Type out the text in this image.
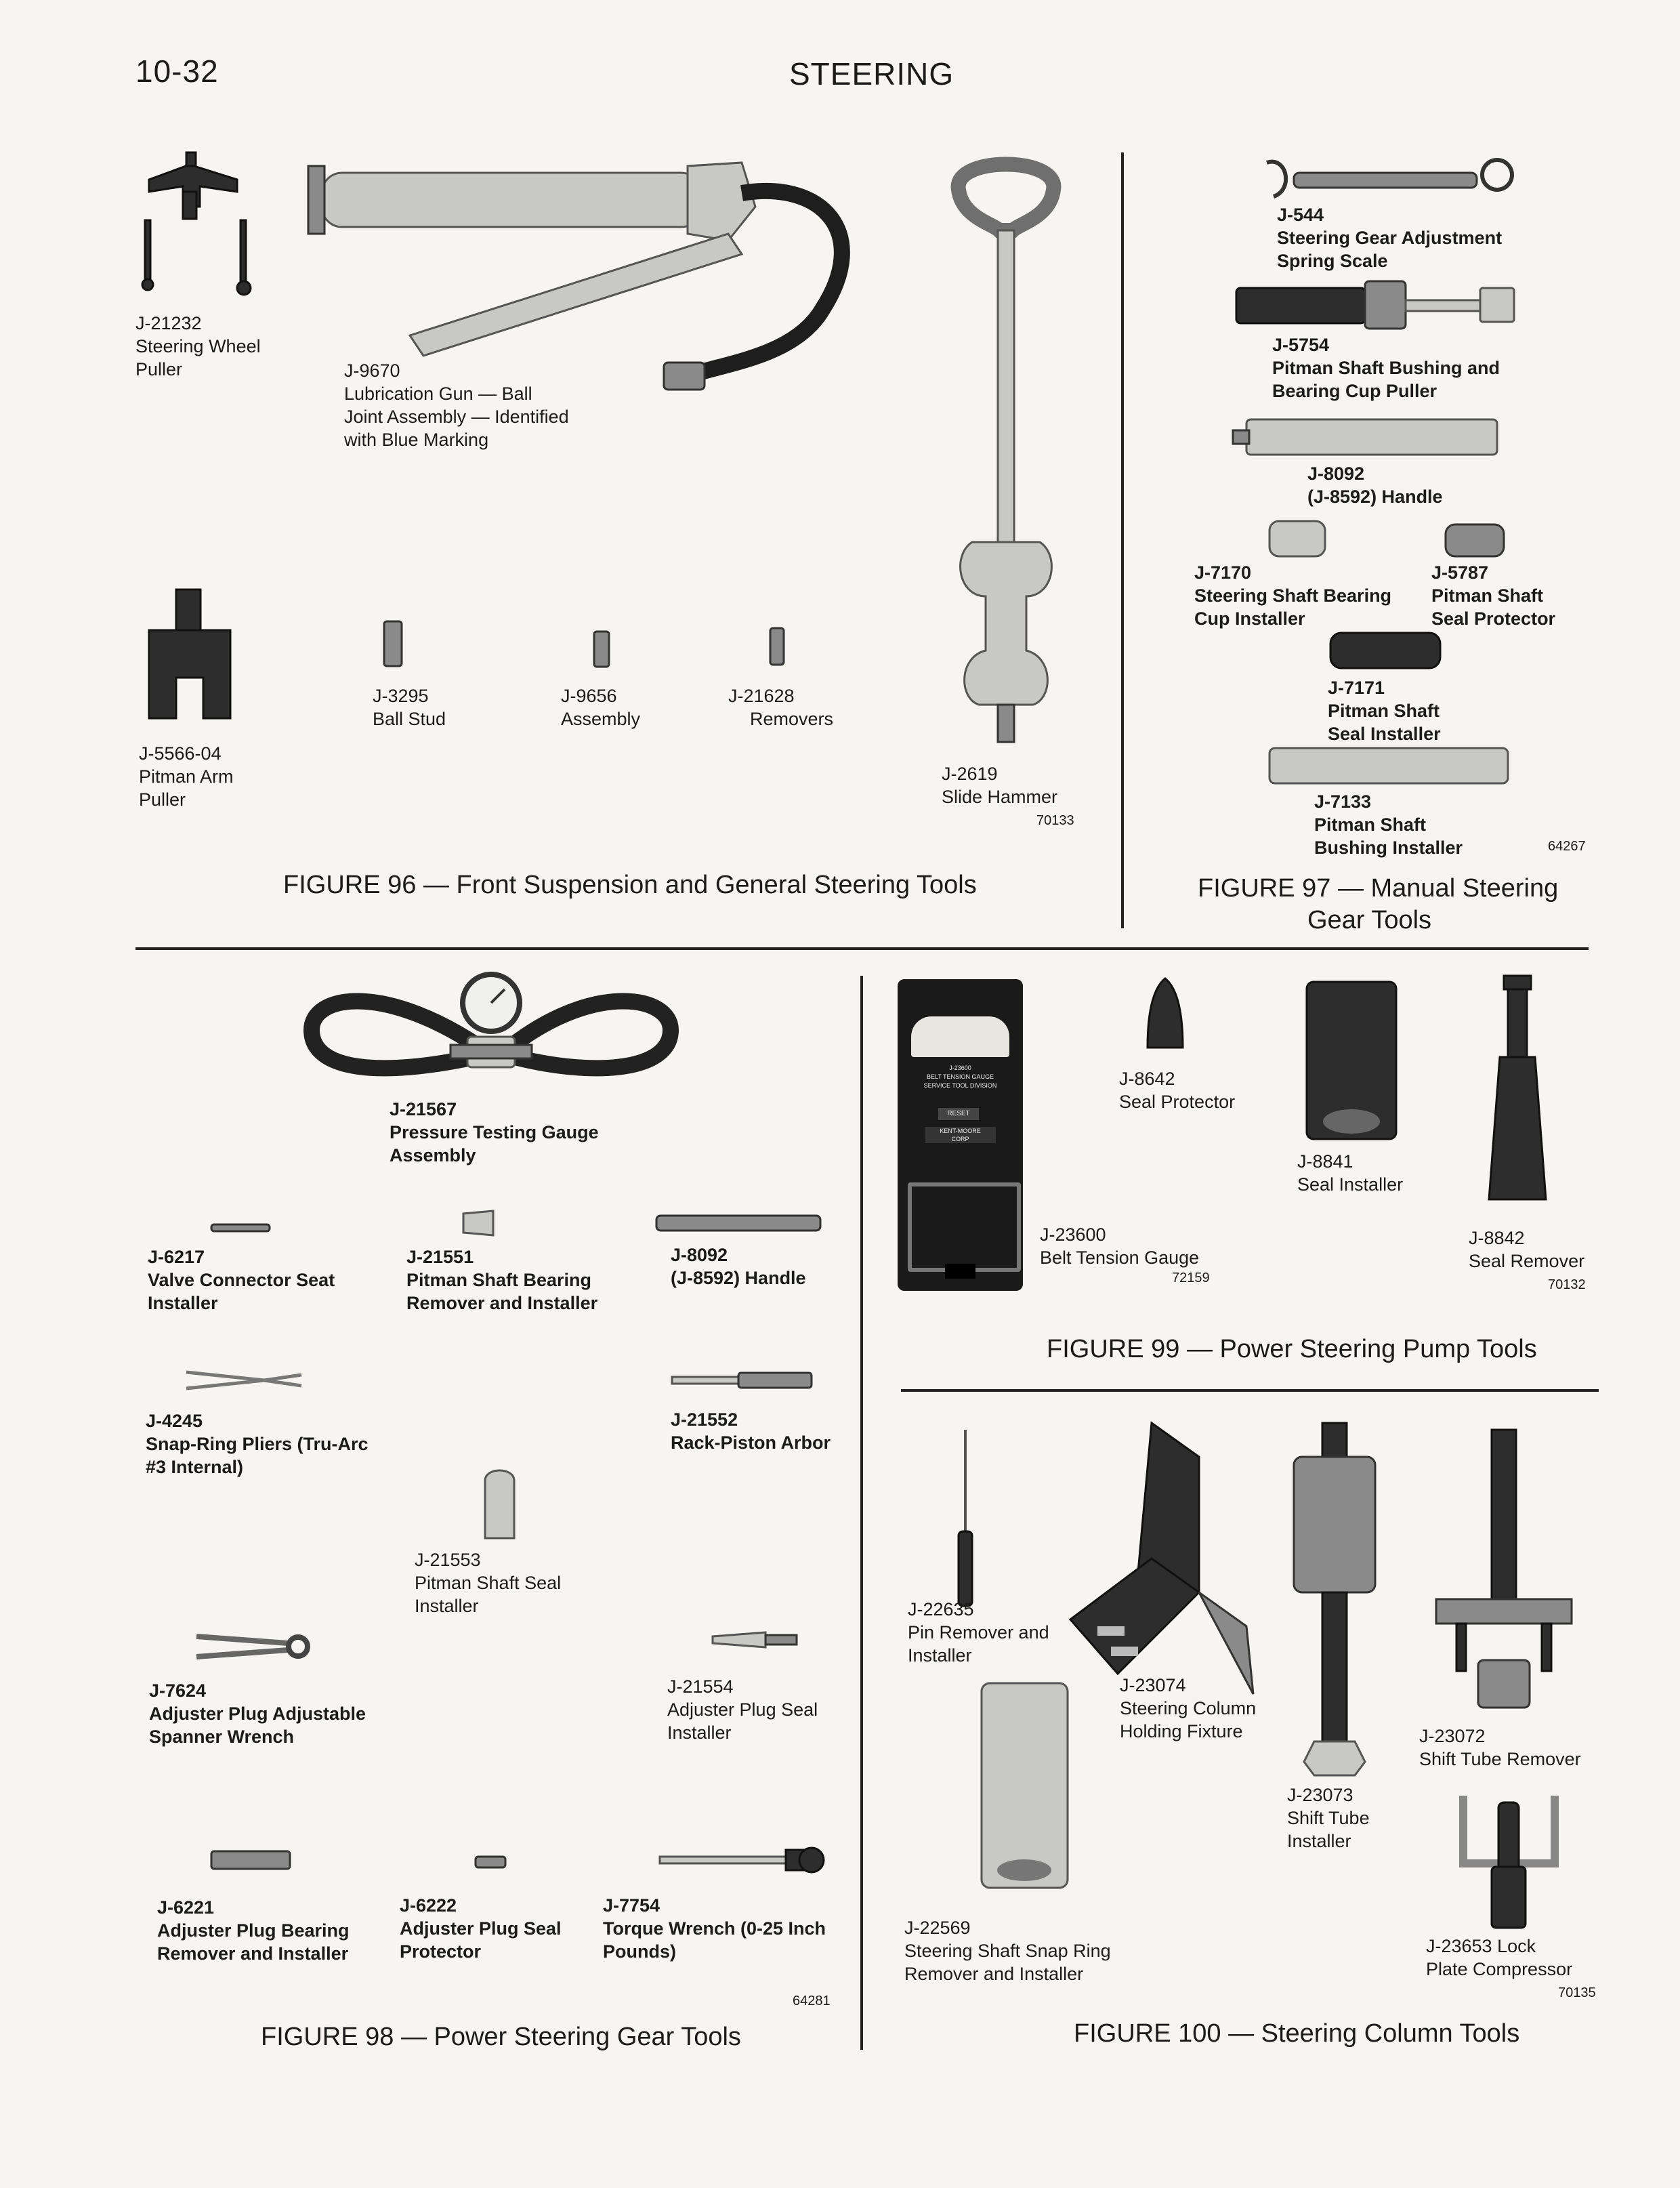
10-32	STEERING
J-21232
Steering Wheel
Puller	J-9670
Lubrication Gun — Ball
Joint Assembly — Identified
with Blue Marking
J-2619
Slide Hammer
70133
J-5566-04
Pitman Arm
Puller
J-3295
Ball Stud
J-9656
Assembly
J-21628
Removers
FIGURE 96 — Front Suspension and General Steering Tools
J-544
Steering Gear Adjustment
Spring Scale
J-5754
Pitman Shaft Bushing and
Bearing Cup Puller
J-8092
(J-8592) Handle
J-7170
Steering Shaft Bearing
Cup Installer
J-5787
Pitman Shaft
Seal Protector
J-7171
Pitman Shaft
Seal Installer
J-7133
Pitman Shaft
Bushing Installer	64267
FIGURE 97 — Manual Steering
Gear Tools
J-21567
Pressure Testing Gauge
Assembly
J-6217
Valve Connector Seat
Installer
J-21551
Pitman Shaft Bearing
Remover and Installer
J-8092
(J-8592) Handle
J-4245
Snap-Ring Pliers (Tru-Arc
#3 Internal)
J-21552
Rack-Piston Arbor
J-21553
Pitman Shaft Seal
Installer
J-7624
Adjuster Plug Adjustable
Spanner Wrench
J-21554
Adjuster Plug Seal
Installer
J-6221
Adjuster Plug Bearing
Remover and Installer
J-6222
Adjuster Plug Seal
Protector
J-7754
Torque Wrench (0-25 Inch
Pounds)
64281
FIGURE 98 — Power Steering Gear Tools
J-23600
BELT TENSION GAUGE
SERVICE TOOL DIVISION
RESET
KENT-MOORE
CORP
J-23600
Belt Tension Gauge
72159
J-8642
Seal Protector
J-8841
Seal Installer
J-8842
Seal Remover
70132
FIGURE 99 — Power Steering Pump Tools
J-22635
Pin Remover and
Installer
J-23074
Steering Column
Holding Fixture
J-23073
Shift Tube
Installer
J-23072
Shift Tube Remover
J-22569
Steering Shaft Snap Ring
Remover and Installer
J-23653 Lock
Plate Compressor
70135
FIGURE 100 — Steering Column Tools
